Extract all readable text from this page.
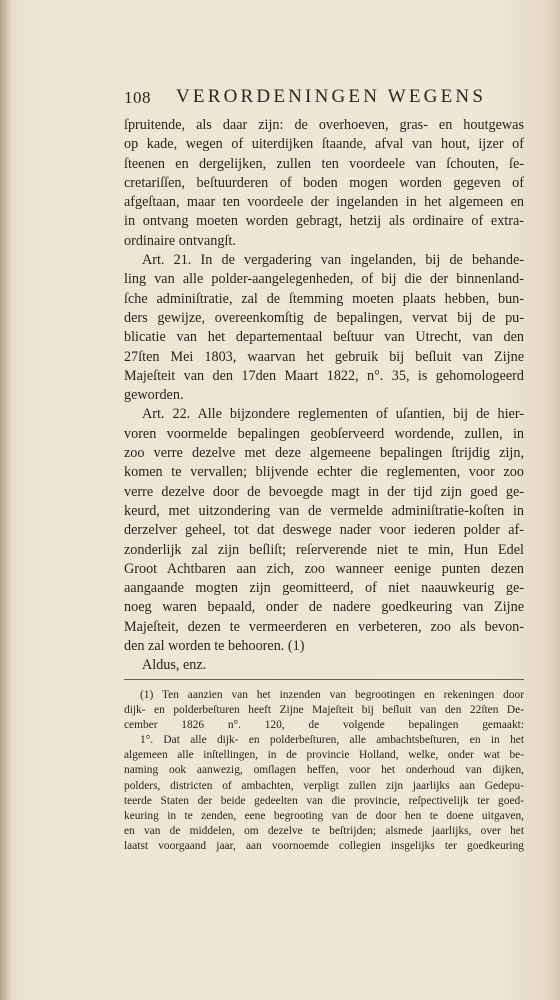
108 VERORDENINGEN WEGENS
ſpruitende, als daar zijn: de overhoeven, gras- en houtgewas
op kade, wegen of uiterdijken ſtaande, afval van hout, ijzer of
ſteenen en dergelijken, zullen ten voordeele van ſchouten, ſe-
cretariſſen, beſtuurderen of boden mogen worden gegeven of
afgeſtaan, maar ten voordeele der ingelanden in het algemeen en
in ontvang moeten worden gebragt, hetzij als ordinaire of extra-
ordinaire ontvangſt.
Art. 21. In de vergadering van ingelanden, bij de behande-
ling van alle polder-aangelegenheden, of bij die der binnenland-
ſche adminiſtratie, zal de ſtemming moeten plaats hebben, bun-
ders gewijze, overeenkomſtig de bepalingen, vervat bij de pu-
blicatie van het departementaal beſtuur van Utrecht, van den
27ſten Mei 1803, waarvan het gebruik bij beſluit van Zijne
Majeſteit van den 17den Maart 1822, n°. 35, is gehomologeerd
geworden.
Art. 22. Alle bijzondere reglementen of uſantien, bij de hier-
voren voormelde bepalingen geobſerveerd wordende, zullen, in
zoo verre dezelve met deze algemeene bepalingen ſtrijdig zijn,
komen te vervallen; blijvende echter die reglementen, voor zoo
verre dezelve door de bevoegde magt in der tijd zijn goed ge-
keurd, met uitzondering van de vermelde adminiſtratie-koſten in
derzelver geheel, tot dat deswege nader voor iederen polder af-
zonderlijk zal zijn beſliſt; reſerverende niet te min, Hun Edel
Groot Achtbaren aan zich, zoo wanneer eenige punten dezen
aangaande mogten zijn geomitteerd, of niet naauwkeurig ge-
noeg waren bepaald, onder de nadere goedkeuring van Zijne
Majeſteit, dezen te vermeerderen en verbeteren, zoo als bevon-
den zal worden te behooren. (1)
Aldus, enz.
(1) Ten aanzien van het inzenden van begrootingen en rekeningen door
dijk- en polderbeſturen heeft Zijne Majeſteit bij beſluit van den 22ſten De-
cember 1826 n°. 120, de volgende bepalingen gemaakt:
1°. Dat alle dijk- en polderbeſturen, alle ambachtsbeſturen, en in het
algemeen alle inſtellingen, in de provincie Holland, welke, onder wat be-
naming ook aanwezig, omſlagen heffen, voor het onderhoud van dijken,
polders, districten of ambachten, verpligt zullen zijn jaarlijks aan Gedepu-
teerde Staten der beide gedeelten van die provincie, reſpectivelijk ter goed-
keuring in te zenden, eene begrooting van de door hen te doene uitgaven,
en van de middelen, om dezelve te beſtrijden; alsmede jaarlijks, over het
laatst voorgaand jaar, aan voornoemde collegien insgelijks ter goedkeuring
